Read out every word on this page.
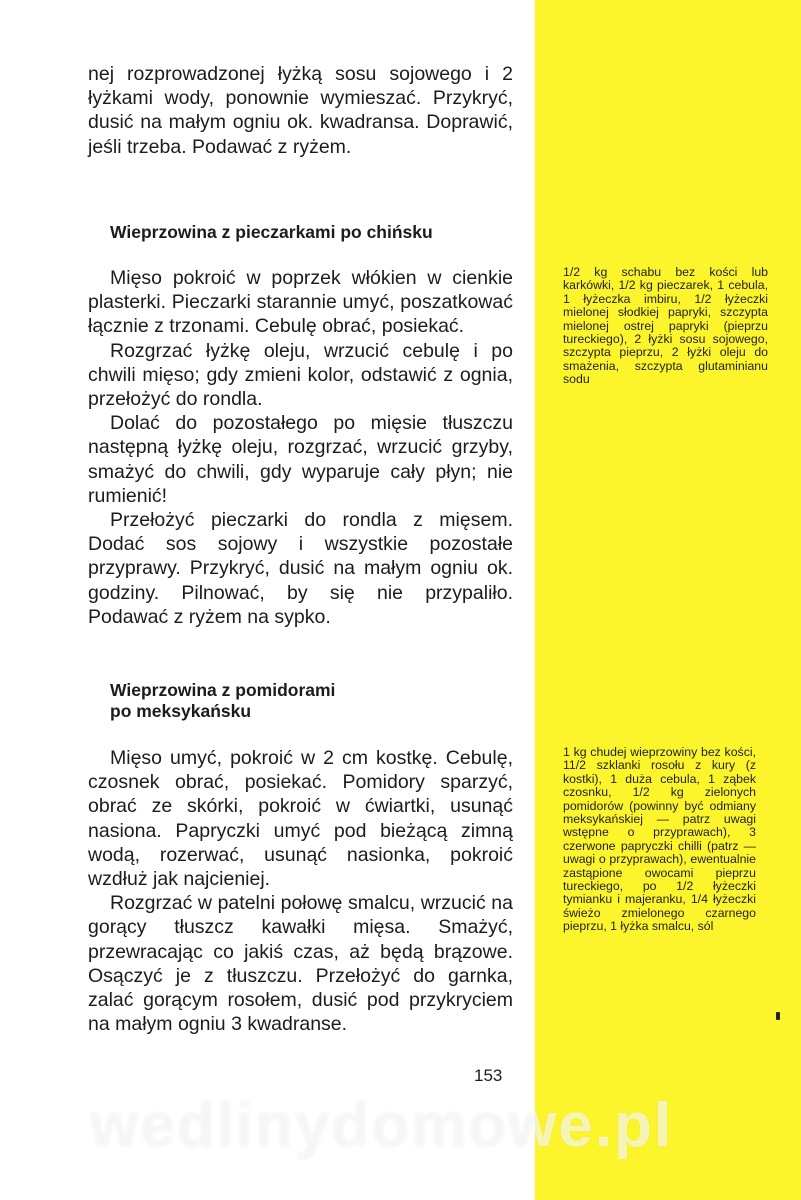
nej rozprowadzonej łyżką sosu sojowego i 2 łyżkami wody, ponownie wymieszać. Przykryć, dusić na małym ogniu ok. kwadransa. Doprawić, jeśli trzeba. Podawać z ryżem.

Wieprzowina z pieczarkami po chińsku

Mięso pokroić w poprzek włókien w cienkie plasterki. Pieczarki starannie umyć, poszatkować łącznie z trzonami. Cebulę obrać, posiekać.

Rozgrzać łyżkę oleju, wrzucić cebulę i po chwili mięso; gdy zmieni kolor, odstawić z ognia, przełożyć do rondla.

Dolać do pozostałego po mięsie tłuszczu następną łyżkę oleju, rozgrzać, wrzucić grzyby, smażyć do chwili, gdy wyparuje cały płyn; nie rumienić!

Przełożyć pieczarki do rondla z mięsem. Dodać sos sojowy i wszystkie pozostałe przyprawy. Przykryć, dusić na małym ogniu ok. godziny. Pilnować, by się nie przypaliło. Podawać z ryżem na sypko.

1/2 kg schabu bez kości lub karkówki, 1/2 kg pieczarek, 1 cebula, 1 łyżeczka imbiru, 1/2 łyżeczki mielonej słodkiej papryki, szczypta mielonej ostrej papryki (pieprzu tureckiego), 2 łyżki sosu sojowego, szczypta pieprzu, 2 łyżki oleju do smażenia, szczypta glutaminianu sodu
Wieprzowina z pomidorami
po meksykańsku

Mięso umyć, pokroić w 2 cm kostkę. Cebulę, czosnek obrać, posiekać. Pomidory sparzyć, obrać ze skórki, pokroić w ćwiartki, usunąć nasiona. Papryczki umyć pod bieżącą zimną wodą, rozerwać, usunąć nasionka, pokroić wzdłuż jak najcieniej.

Rozgrzać w patelni połowę smalcu, wrzucić na gorący tłuszcz kawałki mięsa. Smażyć, przewracając co jakiś czas, aż będą brązowe. Osączyć je z tłuszczu. Przełożyć do garnka, zalać gorącym rosołem, dusić pod przykryciem na małym ogniu 3 kwadranse.

1 kg chudej wieprzowiny bez kości, 11/2 szklanki rosołu z kury (z kostki), 1 duża cebula, 1 ząbek czosnku, 1/2 kg zielonych pomidorów (powinny być odmiany meksykańskiej — patrz uwagi wstępne o przyprawach), 3 czerwone papryczki chilli (patrz — uwagi o przyprawach), ewentualnie zastąpione owocami pieprzu tureckiego, po 1/2 łyżeczki tymianku i majeranku, 1/4 łyżeczki świeżo zmielonego czarnego pieprzu, 1 łyżka smalcu, sól
153
wedlinydomowe.pl
